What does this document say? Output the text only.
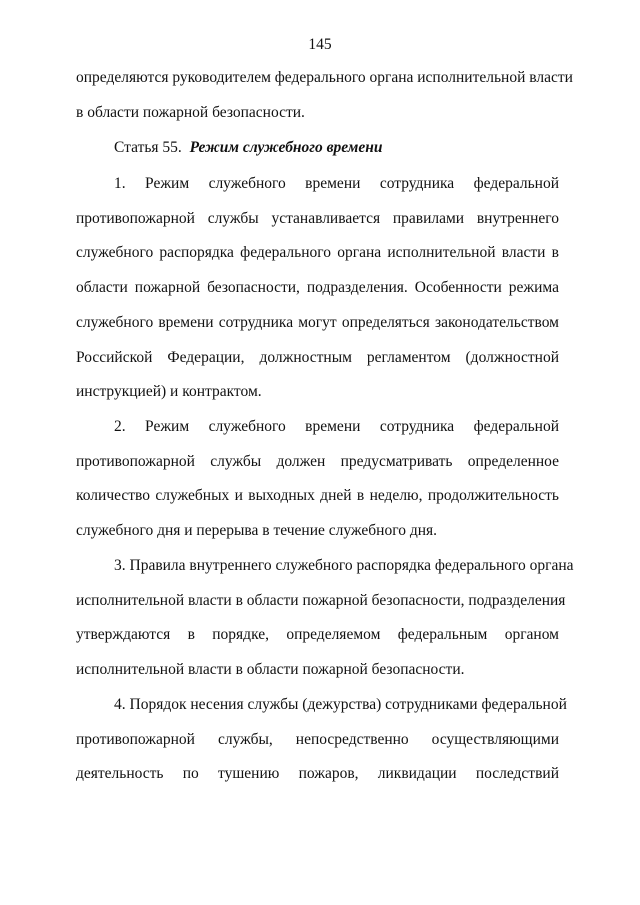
145
определяются руководителем федерального органа исполнительной власти
в области пожарной безопасности.
Статья 55. Режим служебного времени
1. Режим служебного времени сотрудника федеральной
противопожарной службы устанавливается правилами внутреннего
служебного распорядка федерального органа исполнительной власти в
области пожарной безопасности, подразделения. Особенности режима
служебного времени сотрудника могут определяться законодательством
Российской Федерации, должностным регламентом (должностной
инструкцией) и контрактом.
2. Режим служебного времени сотрудника федеральной
противопожарной службы должен предусматривать определенное
количество служебных и выходных дней в неделю, продолжительность
служебного дня и перерыва в течение служебного дня.
3. Правила внутреннего служебного распорядка федерального органа
исполнительной власти в области пожарной безопасности, подразделения
утверждаются в порядке, определяемом федеральным органом
исполнительной власти в области пожарной безопасности.
4. Порядок несения службы (дежурства) сотрудниками федеральной
противопожарной службы, непосредственно осуществляющими
деятельность по тушению пожаров, ликвидации последствий
